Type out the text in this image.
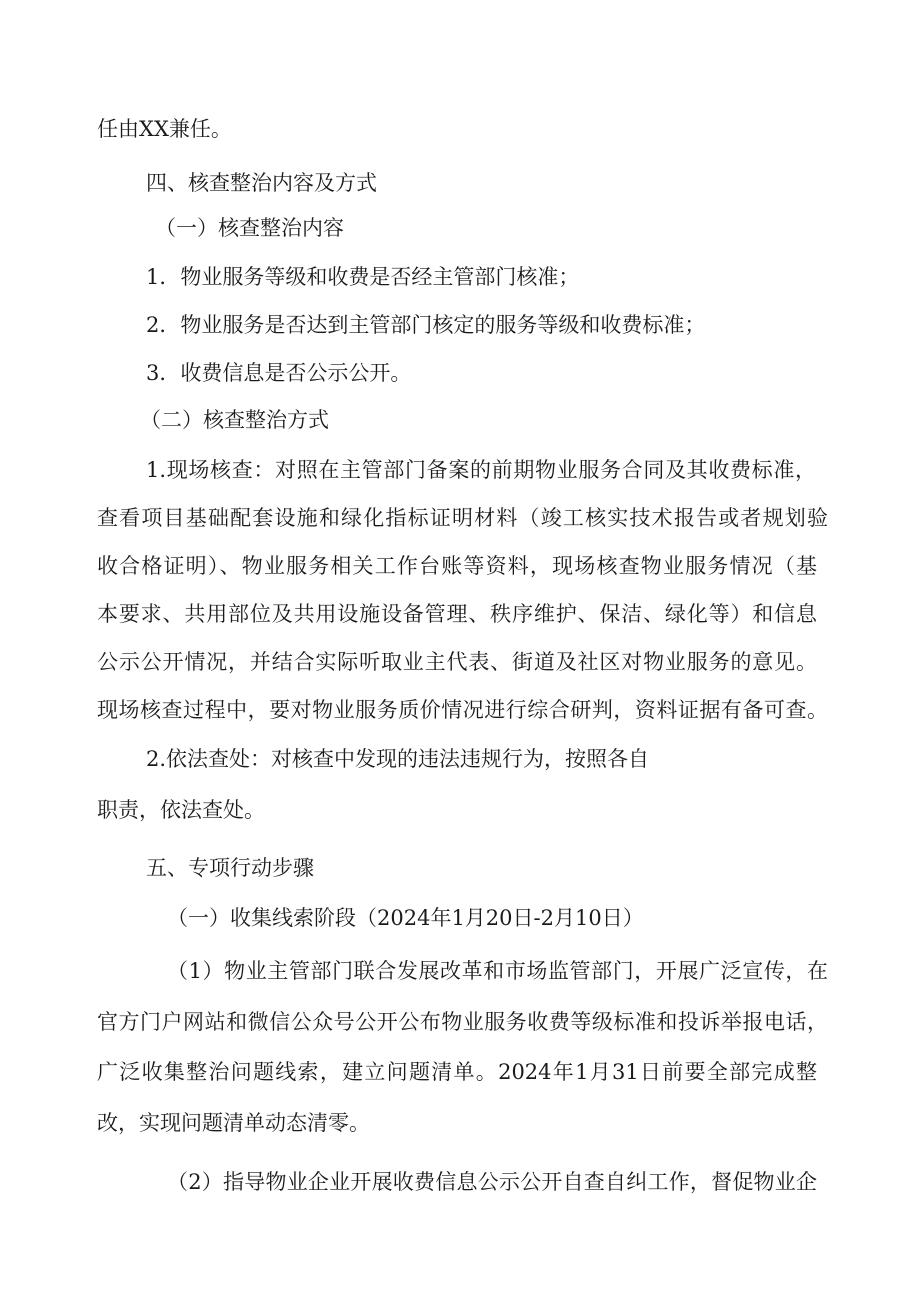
任由XX兼任。
四、核查整治内容及方式
（一）核查整治内容
1．物业服务等级和收费是否经主管部门核准；
2．物业服务是否达到主管部门核定的服务等级和收费标准；
3．收费信息是否公示公开。
（二）核查整治方式
1.现场核查：对照在主管部门备案的前期物业服务合同及其收费标准，
查看项目基础配套设施和绿化指标证明材料（竣工核实技术报告或者规划验
收合格证明）、物业服务相关工作台账等资料，现场核查物业服务情况（基
本要求、共用部位及共用设施设备管理、秩序维护、保洁、绿化等）和信息
公示公开情况，并结合实际听取业主代表、街道及社区对物业服务的意见。
现场核查过程中，要对物业服务质价情况进行综合研判，资料证据有备可查。
2.依法查处：对核查中发现的违法违规行为，按照各自
职责，依法查处。
五、专项行动步骤
（一）收集线索阶段（2024年1月20日-2月10日）
（1）物业主管部门联合发展改革和市场监管部门，开展广泛宣传，在
官方门户网站和微信公众号公开公布物业服务收费等级标准和投诉举报电话，
广泛收集整治问题线索，建立问题清单。2024年1月31日前要全部完成整
改，实现问题清单动态清零。
（2）指导物业企业开展收费信息公示公开自查自纠工作，督促物业企
